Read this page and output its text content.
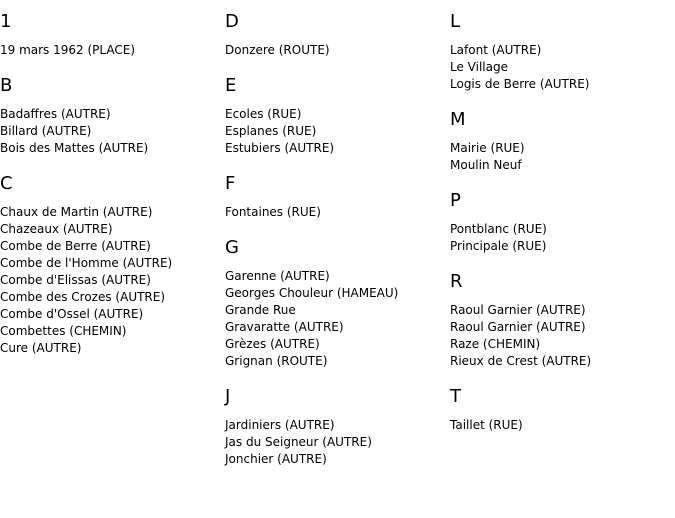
1
19 mars 1962 (PLACE)
B
Badaffres (AUTRE)
Billard (AUTRE)
Bois des Mattes (AUTRE)
C
Chaux de Martin (AUTRE)
Chazeaux (AUTRE)
Combe de Berre (AUTRE)
Combe de l'Homme (AUTRE)
Combe d'Elissas (AUTRE)
Combe des Crozes (AUTRE)
Combe d'Ossel (AUTRE)
Combettes (CHEMIN)
Cure (AUTRE)
D
Donzere (ROUTE)
E
Ecoles (RUE)
Esplanes (RUE)
Estubiers (AUTRE)
F
Fontaines (RUE)
G
Garenne (AUTRE)
Georges Chouleur (HAMEAU)
Grande Rue
Gravaratte (AUTRE)
Grèzes (AUTRE)
Grignan (ROUTE)
J
Jardiniers (AUTRE)
Jas du Seigneur (AUTRE)
Jonchier (AUTRE)
L
Lafont (AUTRE)
Le Village
Logis de Berre (AUTRE)
M
Mairie (RUE)
Moulin Neuf
P
Pontblanc (RUE)
Principale (RUE)
R
Raoul Garnier (AUTRE)
Raoul Garnier (AUTRE)
Raze (CHEMIN)
Rieux de Crest (AUTRE)
T
Taillet (RUE)
